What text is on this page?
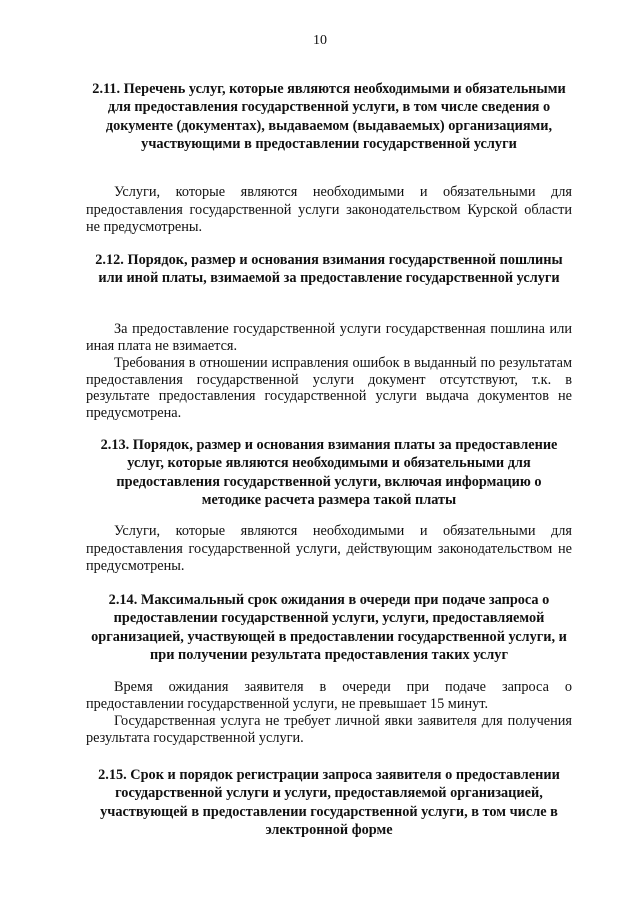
10
2.11. Перечень услуг, которые являются необходимыми и обязательными для предоставления государственной услуги, в том числе сведения о документе (документах), выдаваемом (выдаваемых) организациями, участвующими в предоставлении государственной услуги

Услуги, которые являются необходимыми и обязательными для предоставления государственной услуги законодательством Курской области не предусмотрены.

2.12. Порядок, размер и основания взимания государственной пошлины или иной платы, взимаемой за предоставление государственной услуги

За предоставление государственной услуги государственная пошлина или иная плата не взимается.

Требования в отношении исправления ошибок в выданный по результатам предоставления государственной услуги документ отсутствуют, т.к. в результате предоставления государственной услуги выдача документов не предусмотрена.

2.13. Порядок, размер и основания взимания платы за предоставление услуг, которые являются необходимыми и обязательными для предоставления государственной услуги, включая информацию о методике расчета размера такой платы

Услуги, которые являются необходимыми и обязательными для предоставления государственной услуги, действующим законодательством не предусмотрены.

2.14. Максимальный срок ожидания в очереди при подаче запроса о предоставлении государственной услуги, услуги, предоставляемой организацией, участвующей в предоставлении государственной услуги, и при получении результата предоставления таких услуг

Время ожидания заявителя в очереди при подаче запроса о предоставлении государственной услуги, не превышает 15 минут.

Государственная услуга не требует личной явки заявителя для получения результата государственной услуги.

2.15. Срок и порядок регистрации запроса заявителя о предоставлении государственной услуги и услуги, предоставляемой организацией, участвующей в предоставлении государственной услуги, в том числе в электронной форме
